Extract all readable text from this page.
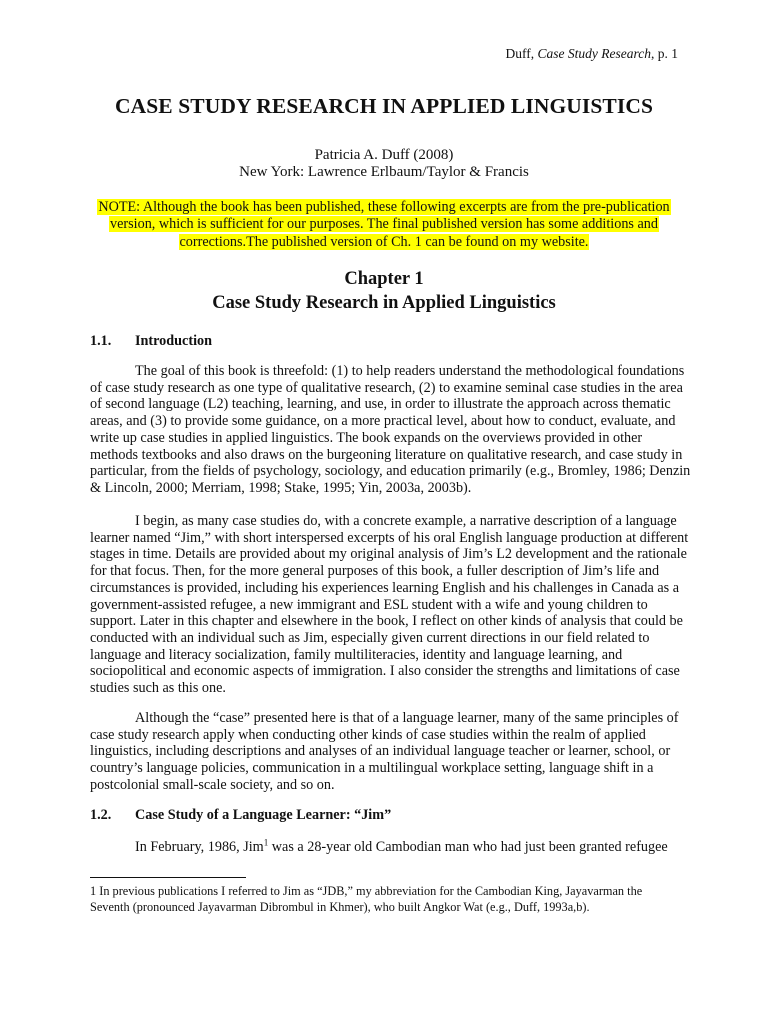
Duff, Case Study Research, p. 1
CASE STUDY RESEARCH IN APPLIED LINGUISTICS
Patricia A. Duff (2008)
New York: Lawrence Erlbaum/Taylor & Francis
NOTE: Although the book has been published, these following excerpts are from the pre-publication
version, which is sufficient for our purposes. The final published version has some additions and
corrections.The published version of Ch. 1 can be found on my website.
Chapter 1
Case Study Research in Applied Linguistics
1.1. Introduction
The goal of this book is threefold: (1) to help readers understand the methodological foundations
of case study research as one type of qualitative research, (2) to examine seminal case studies in the area
of second language (L2) teaching, learning, and use, in order to illustrate the approach across thematic
areas, and (3) to provide some guidance, on a more practical level, about how to conduct, evaluate, and
write up case studies in applied linguistics. The book expands on the overviews provided in other
methods textbooks and also draws on the burgeoning literature on qualitative research, and case study in
particular, from the fields of psychology, sociology, and education primarily (e.g., Bromley, 1986; Denzin
& Lincoln, 2000; Merriam, 1998; Stake, 1995; Yin, 2003a, 2003b).
I begin, as many case studies do, with a concrete example, a narrative description of a language
learner named “Jim,” with short interspersed excerpts of his oral English language production at different
stages in time. Details are provided about my original analysis of Jim’s L2 development and the rationale
for that focus. Then, for the more general purposes of this book, a fuller description of Jim’s life and
circumstances is provided, including his experiences learning English and his challenges in Canada as a
government-assisted refugee, a new immigrant and ESL student with a wife and young children to
support. Later in this chapter and elsewhere in the book, I reflect on other kinds of analysis that could be
conducted with an individual such as Jim, especially given current directions in our field related to
language and literacy socialization, family multiliteracies, identity and language learning, and
sociopolitical and economic aspects of immigration. I also consider the strengths and limitations of case
studies such as this one.
Although the “case” presented here is that of a language learner, many of the same principles of
case study research apply when conducting other kinds of case studies within the realm of applied
linguistics, including descriptions and analyses of an individual language teacher or learner, school, or
country’s language policies, communication in a multilingual workplace setting, language shift in a
postcolonial small-scale society, and so on.
1.2. Case Study of a Language Learner: “Jim”
In February, 1986, Jim$^1$ was a 28-year old Cambodian man who had just been granted refugee
1 In previous publications I referred to Jim as “JDB,” my abbreviation for the Cambodian King, Jayavarman the
Seventh (pronounced Jayavarman Dibrombul in Khmer), who built Angkor Wat (e.g., Duff, 1993a,b).
